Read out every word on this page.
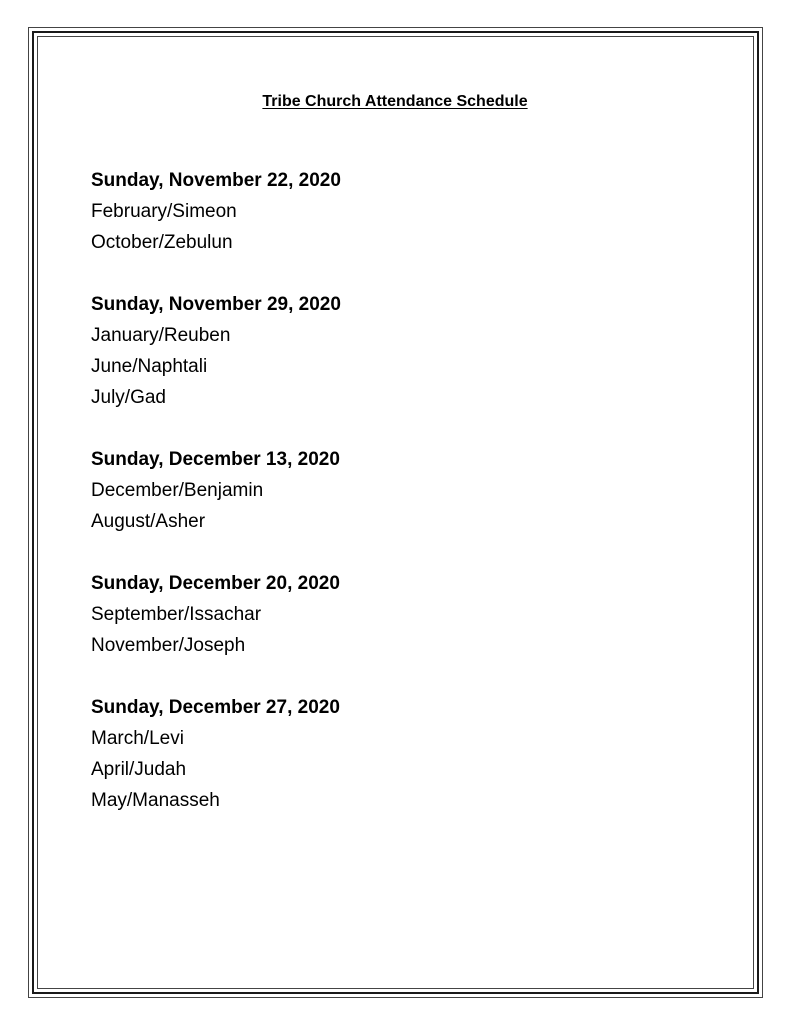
Tribe Church Attendance Schedule
Sunday, November 22, 2020
February/Simeon
October/Zebulun
Sunday, November 29, 2020
January/Reuben
June/Naphtali
July/Gad
Sunday, December 13, 2020
December/Benjamin
August/Asher
Sunday, December 20, 2020
September/Issachar
November/Joseph
Sunday, December 27, 2020
March/Levi
April/Judah
May/Manasseh
